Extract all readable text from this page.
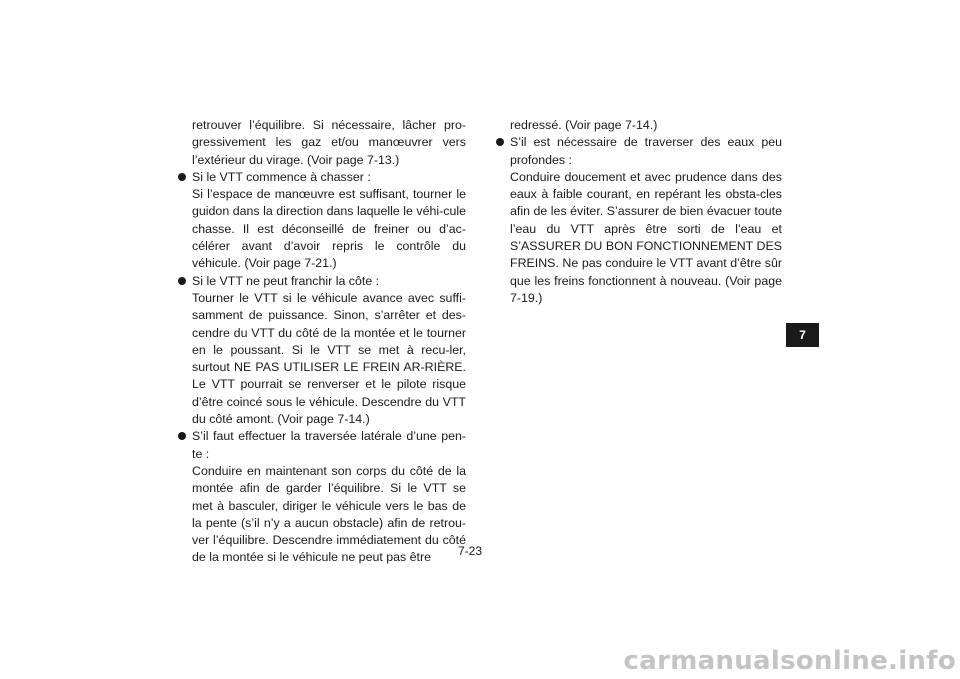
retrouver l’équilibre. Si nécessaire, lâcher pro-gressivement les gaz et/ou manœuvrer vers l’extérieur du virage. (Voir page 7-13.)

Si le VTT commence à chasser :
Si l’espace de manœuvre est suffisant, tourner le guidon dans la direction dans laquelle le véhi-cule chasse. Il est déconseillé de freiner ou d’ac-célérer avant d’avoir repris le contrôle du véhicule. (Voir page 7-21.)
Si le VTT ne peut franchir la côte :
Tourner le VTT si le véhicule avance avec suffi-samment de puissance. Sinon, s’arrêter et des-cendre du VTT du côté de la montée et le tourner en le poussant. Si le VTT se met à recu-ler, surtout NE PAS UTILISER LE FREIN AR-RIÈRE. Le VTT pourrait se renverser et le pilote risque d’être coincé sous le véhicule. Descendre du VTT du côté amont. (Voir page 7-14.)
S’il faut effectuer la traversée latérale d’une pen-te :
Conduire en maintenant son corps du côté de la montée afin de garder l’équilibre. Si le VTT se met à basculer, diriger le véhicule vers le bas de la pente (s’il n’y a aucun obstacle) afin de retrou-ver l’équilibre. Descendre immédiatement du côté de la montée si le véhicule ne peut pas être

redressé. (Voir page 7-14.)

S’il est nécessaire de traverser des eaux peu profondes :
Conduire doucement et avec prudence dans des eaux à faible courant, en repérant les obsta-cles afin de les éviter. S’assurer de bien évacuer toute l’eau du VTT après être sorti de l’eau et S’ASSURER DU BON FONCTIONNEMENT DES FREINS. Ne pas conduire le VTT avant d’être sûr que les freins fonctionnent à nouveau. (Voir page 7-19.)
7
7-23
carmanualsonline.info
